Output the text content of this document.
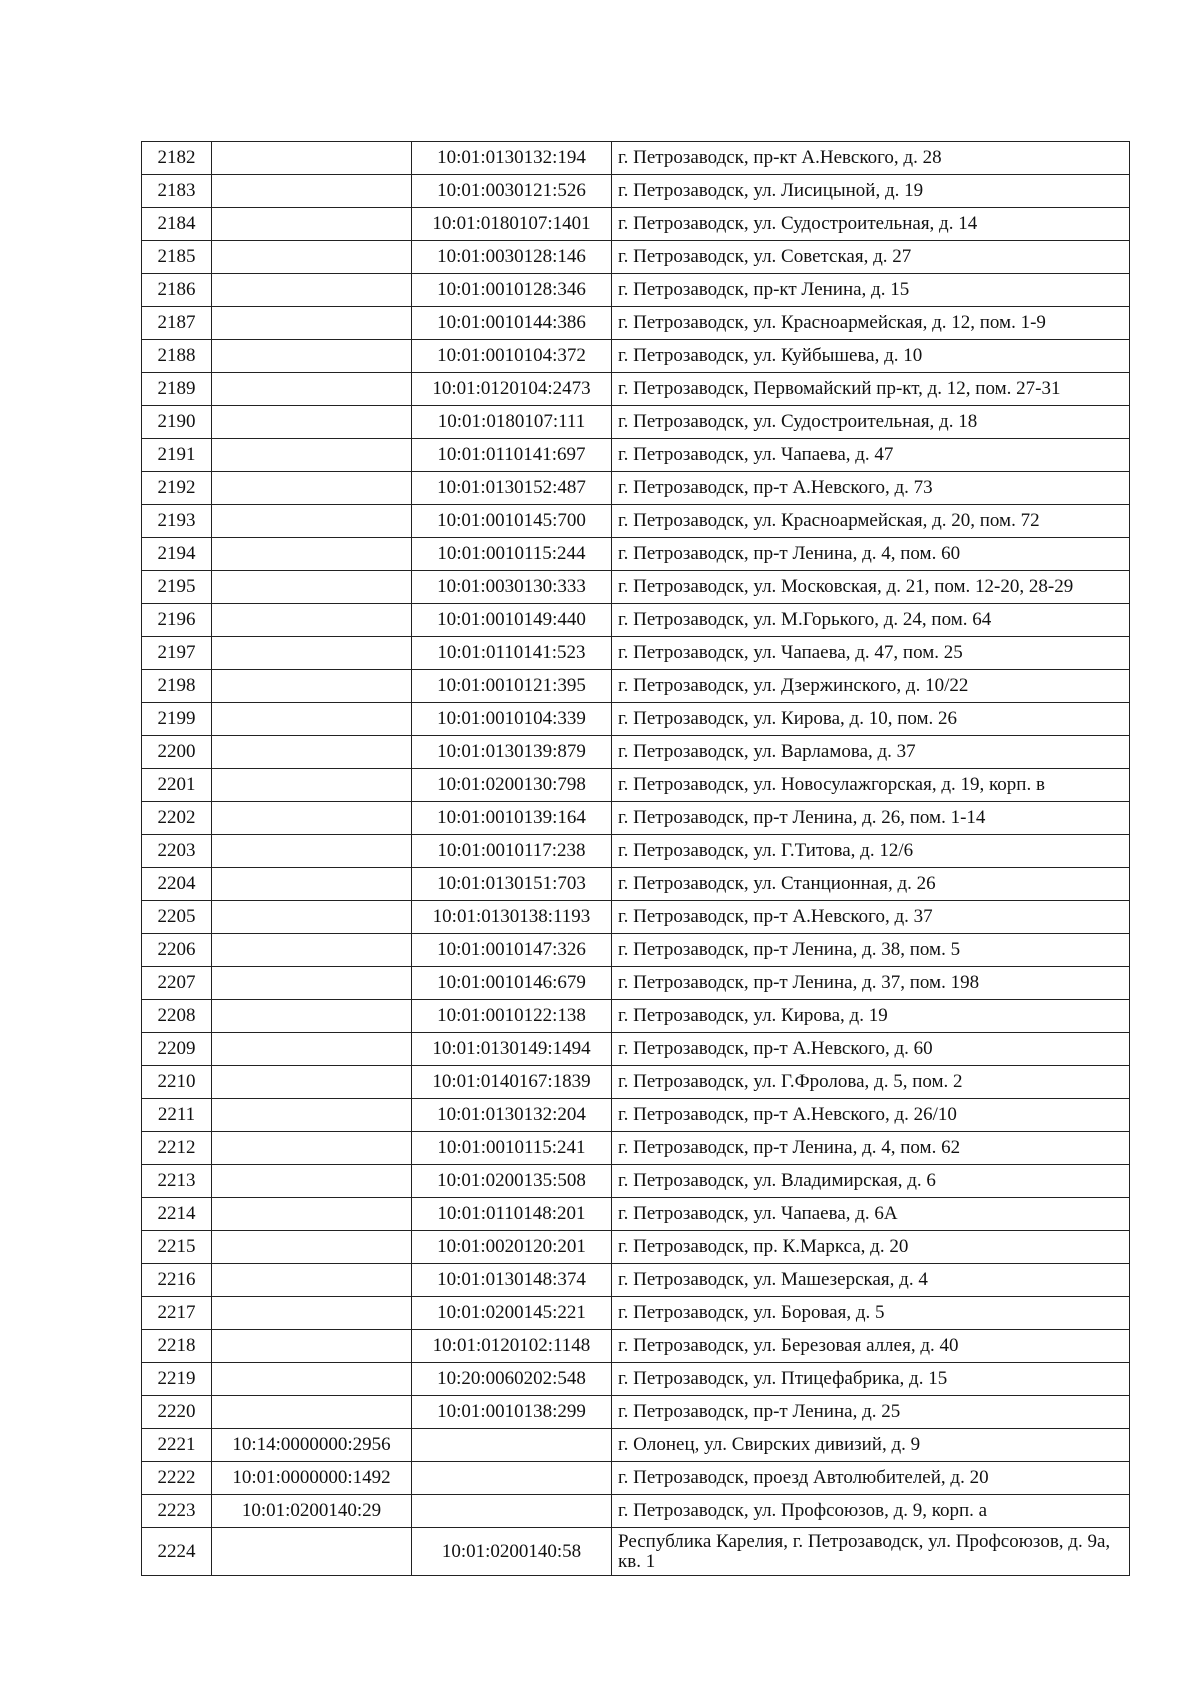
2182		10:01:0130132:194	г. Петрозаводск, пр-кт А.Невского, д. 28
2183		10:01:0030121:526	г. Петрозаводск, ул. Лисицыной, д. 19
2184		10:01:0180107:1401	г. Петрозаводск, ул. Судостроительная, д. 14
2185		10:01:0030128:146	г. Петрозаводск, ул. Советская, д. 27
2186		10:01:0010128:346	г. Петрозаводск, пр-кт Ленина, д. 15
2187		10:01:0010144:386	г. Петрозаводск, ул. Красноармейская, д. 12, пом. 1-9
2188		10:01:0010104:372	г. Петрозаводск, ул. Куйбышева, д. 10
2189		10:01:0120104:2473	г. Петрозаводск, Первомайский пр-кт, д. 12, пом. 27-31
2190		10:01:0180107:111	г. Петрозаводск, ул. Судостроительная, д. 18
2191		10:01:0110141:697	г. Петрозаводск, ул. Чапаева, д. 47
2192		10:01:0130152:487	г. Петрозаводск, пр-т А.Невского, д. 73
2193		10:01:0010145:700	г. Петрозаводск, ул. Красноармейская, д. 20, пом. 72
2194		10:01:0010115:244	г. Петрозаводск, пр-т Ленина, д. 4, пом. 60
2195		10:01:0030130:333	г. Петрозаводск, ул. Московская, д. 21, пом. 12-20, 28-29
2196		10:01:0010149:440	г. Петрозаводск, ул. М.Горького, д. 24, пом. 64
2197		10:01:0110141:523	г. Петрозаводск, ул. Чапаева, д. 47, пом. 25
2198		10:01:0010121:395	г. Петрозаводск, ул. Дзержинского, д. 10/22
2199		10:01:0010104:339	г. Петрозаводск, ул. Кирова, д. 10, пом. 26
2200		10:01:0130139:879	г. Петрозаводск, ул. Варламова, д. 37
2201		10:01:0200130:798	г. Петрозаводск, ул. Новосулажгорская, д. 19, корп. в
2202		10:01:0010139:164	г. Петрозаводск, пр-т Ленина, д. 26, пом. 1-14
2203		10:01:0010117:238	г. Петрозаводск, ул. Г.Титова, д. 12/6
2204		10:01:0130151:703	г. Петрозаводск, ул. Станционная, д. 26
2205		10:01:0130138:1193	г. Петрозаводск, пр-т А.Невского, д. 37
2206		10:01:0010147:326	г. Петрозаводск, пр-т Ленина, д. 38, пом. 5
2207		10:01:0010146:679	г. Петрозаводск, пр-т Ленина, д. 37, пом. 198
2208		10:01:0010122:138	г. Петрозаводск, ул. Кирова, д. 19
2209		10:01:0130149:1494	г. Петрозаводск, пр-т А.Невского, д. 60
2210		10:01:0140167:1839	г. Петрозаводск, ул. Г.Фролова, д. 5, пом. 2
2211		10:01:0130132:204	г. Петрозаводск, пр-т А.Невского, д. 26/10
2212		10:01:0010115:241	г. Петрозаводск, пр-т Ленина, д. 4, пом. 62
2213		10:01:0200135:508	г. Петрозаводск, ул. Владимирская, д. 6
2214		10:01:0110148:201	г. Петрозаводск, ул. Чапаева, д. 6А
2215		10:01:0020120:201	г. Петрозаводск, пр. К.Маркса, д. 20
2216		10:01:0130148:374	г. Петрозаводск, ул. Машезерская, д. 4
2217		10:01:0200145:221	г. Петрозаводск, ул. Боровая, д. 5
2218		10:01:0120102:1148	г. Петрозаводск, ул. Березовая аллея, д. 40
2219		10:20:0060202:548	г. Петрозаводск, ул. Птицефабрика, д. 15
2220		10:01:0010138:299	г. Петрозаводск, пр-т Ленина, д. 25
2221	10:14:0000000:2956		г. Олонец, ул. Свирских дивизий, д. 9
2222	10:01:0000000:1492		г. Петрозаводск, проезд Автолюбителей, д. 20
2223	10:01:0200140:29		г. Петрозаводск, ул. Профсоюзов, д. 9, корп. а
2224		10:01:0200140:58	Республика Карелия, г. Петрозаводск, ул. Профсоюзов, д. 9а, кв. 1
